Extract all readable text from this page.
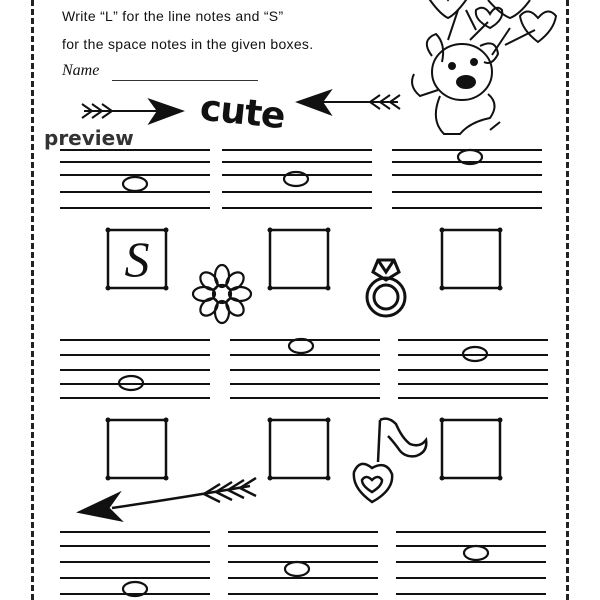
Write “L” for the line notes and “S”
for the space notes in the given boxes.
Name
cute
preview
S
